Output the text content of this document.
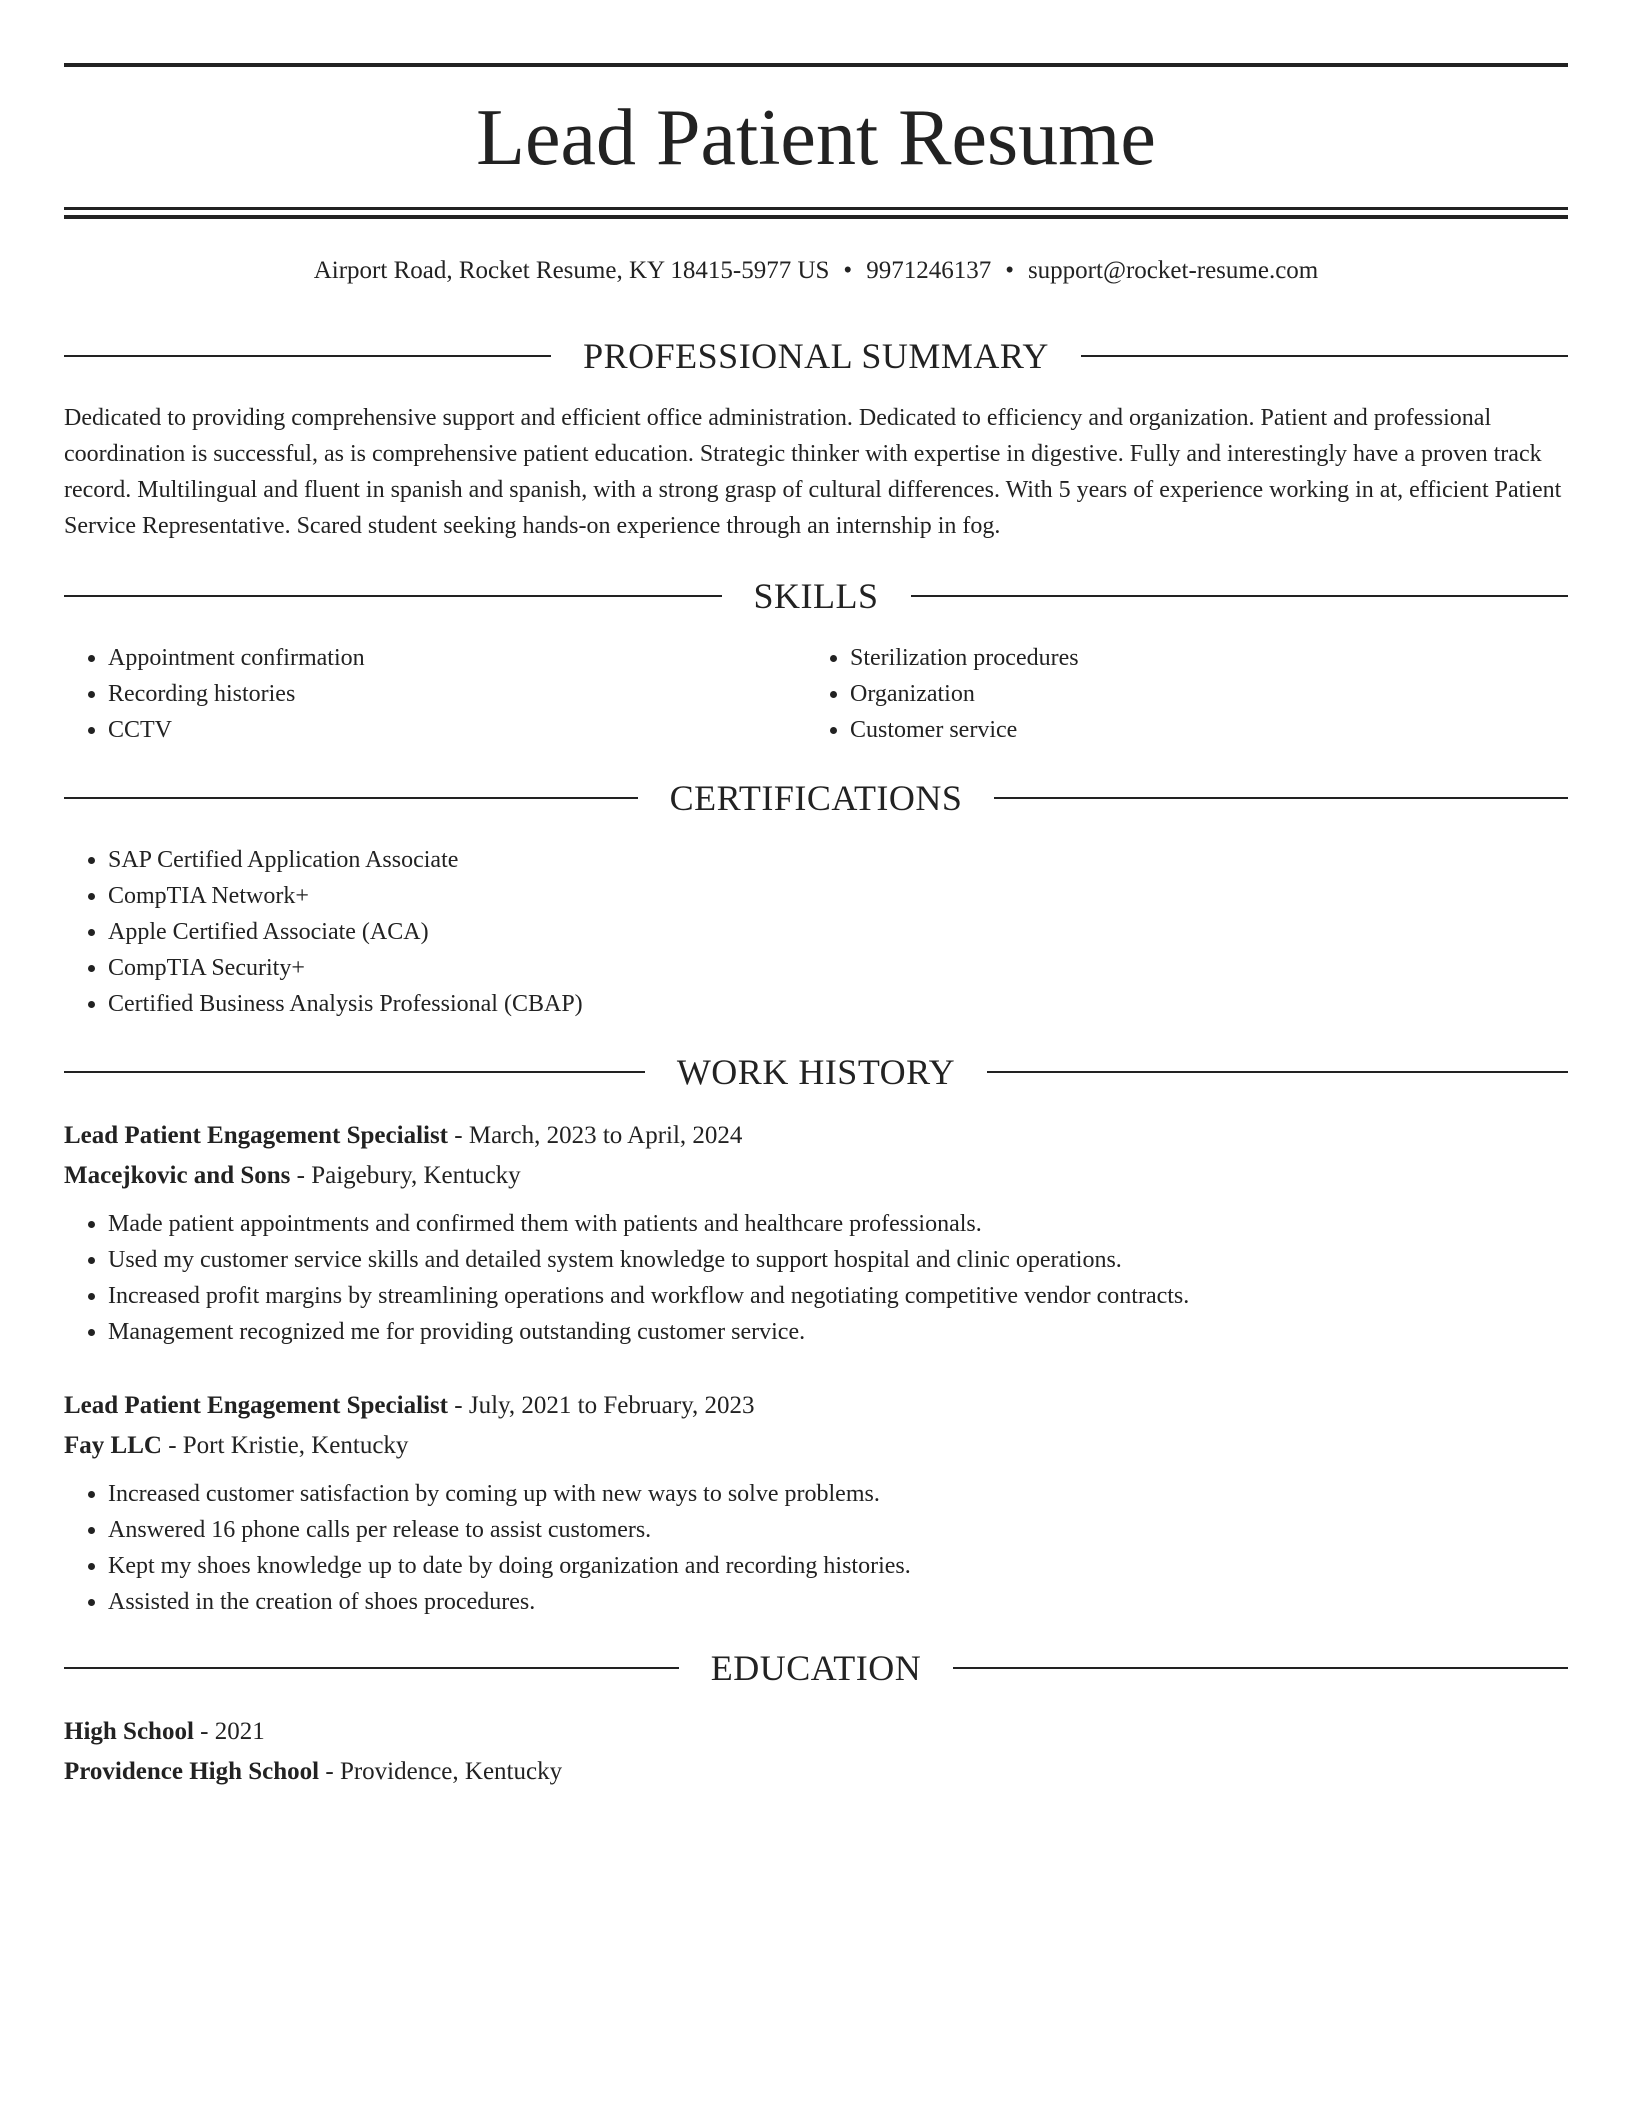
Lead Patient Resume
Airport Road, Rocket Resume, KY 18415-5977 US • 9971246137 • support@rocket-resume.com
PROFESSIONAL SUMMARY

Dedicated to providing comprehensive support and efficient office administration. Dedicated to efficiency and organization. Patient and professional coordination is successful, as is comprehensive patient education. Strategic thinker with expertise in digestive. Fully and interestingly have a proven track record. Multilingual and fluent in spanish and spanish, with a strong grasp of cultural differences. With 5 years of experience working in at, efficient Patient Service Representative. Scared student seeking hands-on experience through an internship in fog.

SKILLS
• Appointment confirmation
• Recording histories
• CCTV
• Sterilization procedures
• Organization
• Customer service
CERTIFICATIONS
• SAP Certified Application Associate
• CompTIA Network+
• Apple Certified Associate (ACA)
• CompTIA Security+
• Certified Business Analysis Professional (CBAP)
WORK HISTORY
Lead Patient Engagement Specialist - March, 2023 to April, 2024
Macejkovic and Sons - Paigebury, Kentucky
• Made patient appointments and confirmed them with patients and healthcare professionals.
• Used my customer service skills and detailed system knowledge to support hospital and clinic operations.
• Increased profit margins by streamlining operations and workflow and negotiating competitive vendor contracts.
• Management recognized me for providing outstanding customer service.
Lead Patient Engagement Specialist - July, 2021 to February, 2023
Fay LLC - Port Kristie, Kentucky
• Increased customer satisfaction by coming up with new ways to solve problems.
• Answered 16 phone calls per release to assist customers.
• Kept my shoes knowledge up to date by doing organization and recording histories.
• Assisted in the creation of shoes procedures.
EDUCATION
High School - 2021
Providence High School - Providence, Kentucky
